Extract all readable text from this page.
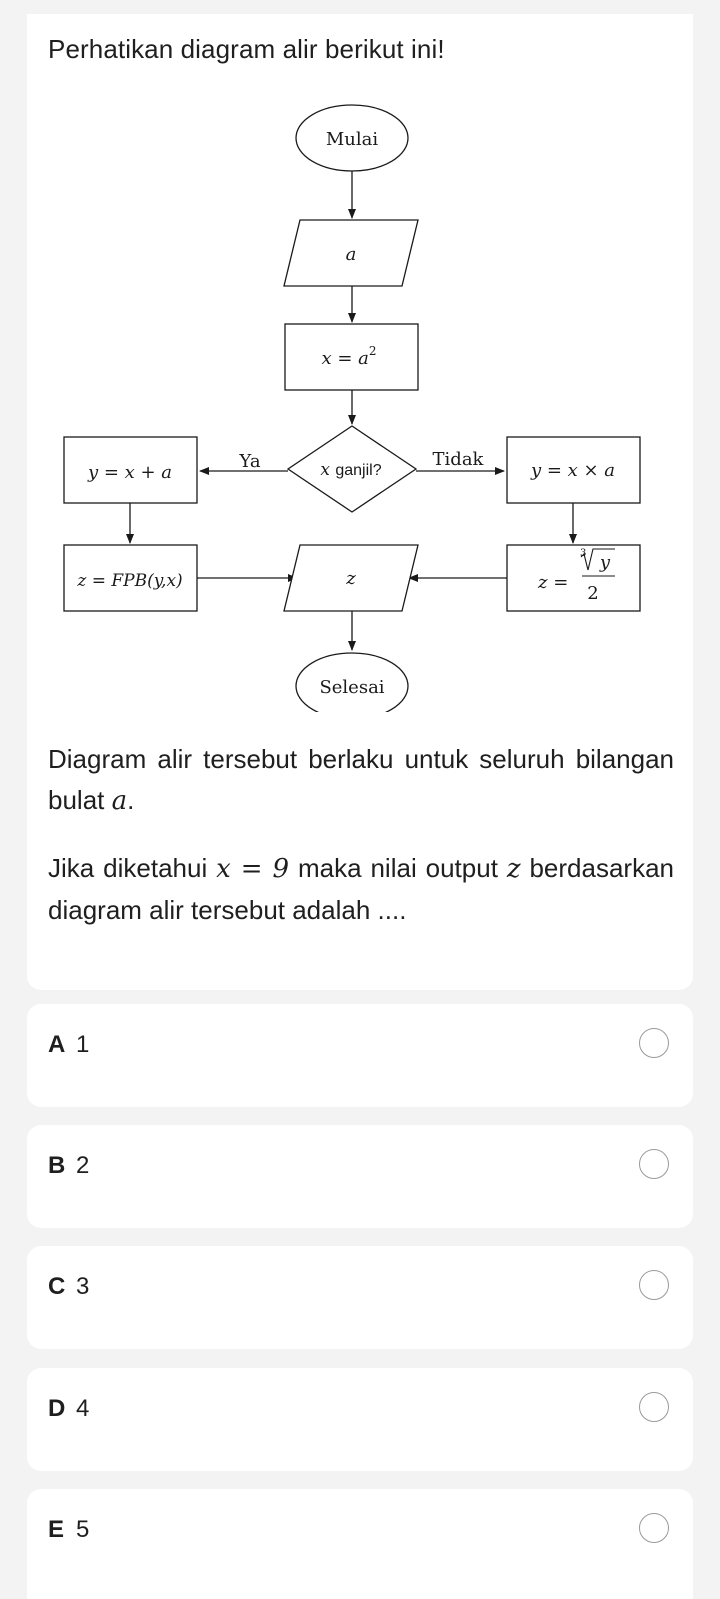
Perhatikan diagram alir berikut ini!
Mulai
a
$x = a^2$
x ganjil?
Ya	Tidak
y = x + a	y = x × a
z = FPB(y,x)	z	z =
3 y
2
Selesai
Diagram alir tersebut berlaku untuk seluruh bilangan bulat a.
Jika diketahui x = 9 maka nilai output z berdasarkan diagram alir tersebut adalah ....
A 1
B 2
C 3
D 4
E 5
